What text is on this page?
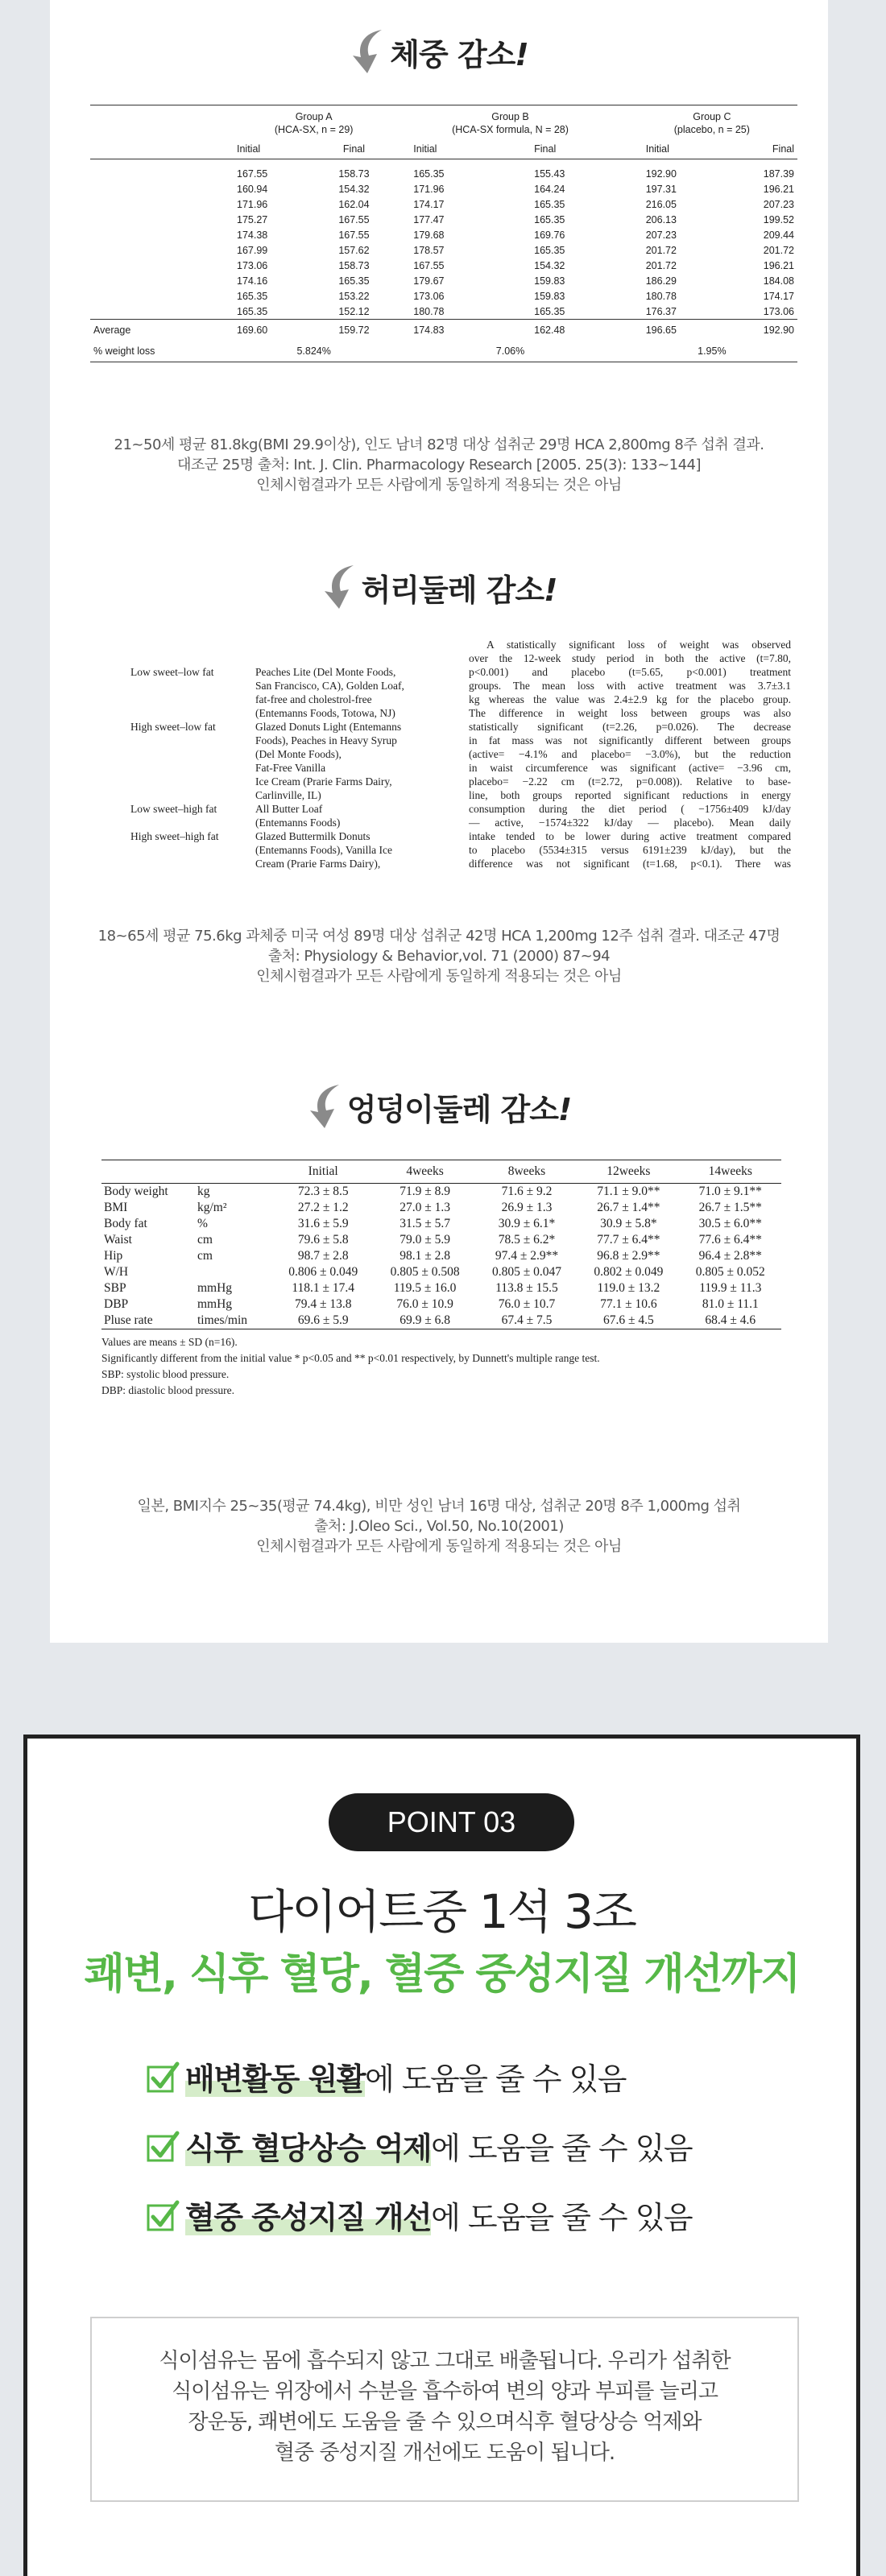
체중 감소!
	Group A
(HCA-SX, n = 29)		Group B
(HCA-SX formula, N = 28)		Group C
(placebo, n = 25)	
	Initial	Final	Initial	Final	Initial	Final
	167.55	158.73	165.35	155.43	192.90	187.39
	160.94	154.32	171.96	164.24	197.31	196.21
	171.96	162.04	174.17	165.35	216.05	207.23
	175.27	167.55	177.47	165.35	206.13	199.52
	174.38	167.55	179.68	169.76	207.23	209.44
	167.99	157.62	178.57	165.35	201.72	201.72
	173.06	158.73	167.55	154.32	201.72	196.21
	174.16	165.35	179.67	159.83	186.29	184.08
	165.35	153.22	173.06	159.83	180.78	174.17
	165.35	152.12	180.78	165.35	176.37	173.06
Average	169.60	159.72	174.83	162.48	196.65	192.90
% weight loss	5.824%		7.06%		1.95%	
21~50세 평균 81.8kg(BMI 29.9이상), 인도 남녀 82명 대상 섭취군 29명 HCA 2,800mg 8주 섭취 결과.
대조군 25명 출처: Int. J. Clin. Pharmacology Research [2005. 25(3): 133~144]
인체시험결과가 모든 사람에게 동일하게 적용되는 것은 아님
허리둘레 감소!
Low sweet–low fat	Peaches Lite (Del Monte Foods,
San Francisco, CA), Golden Loaf,
fat-free and cholestrol-free
(Entemanns Foods, Totowa, NJ)
High sweet–low fat	Glazed Donuts Light (Entemanns
Foods), Peaches in Heavy Syrup
(Del Monte Foods),
Fat-Free Vanilla
Ice Cream (Prarie Farms Dairy,
Carlinville, IL)
Low sweet–high fat	All Butter Loaf
(Entemanns Foods)
High sweet–high fat	Glazed Buttermilk Donuts
(Entemanns Foods), Vanilla Ice
Cream (Prarie Farms Dairy),
A statistically significant loss of weight was observed
over the 12-week study period in both the active (t=7.80,
p<0.001) and placebo (t=5.65, p<0.001) treatment
groups. The mean loss with active treatment was 3.7±3.1
kg whereas the value was 2.4±2.9 kg for the placebo group.
The difference in weight loss between groups was also
statistically significant (t=2.26, p=0.026). The decrease
in fat mass was not significantly different between groups
(active= −4.1% and placebo= −3.0%), but the reduction
in waist circumference was significant (active= −3.96 cm,
placebo= −2.22 cm (t=2.72, p=0.008)). Relative to base-
line, both groups reported significant reductions in energy
consumption during the diet period ( −1756±409 kJ/day
— active, −1574±322 kJ/day — placebo). Mean daily
intake tended to be lower during active treatment compared
to placebo (5534±315 versus 6191±239 kJ/day), but the
difference was not significant (t=1.68, p<0.1). There was
18~65세 평균 75.6kg 과체중 미국 여성 89명 대상 섭취군 42명 HCA 1,200mg 12주 섭취 결과. 대조군 47명
출처: Physiology & Behavior,vol. 71 (2000) 87~94
인체시험결과가 모든 사람에게 동일하게 적용되는 것은 아님
엉덩이둘레 감소!
		Initial	4weeks	8weeks	12weeks	14weeks
Body weight	kg	72.3 ± 8.5	71.9 ± 8.9	71.6 ± 9.2	71.1 ± 9.0**	71.0 ± 9.1**
BMI	kg/m²	27.2 ± 1.2	27.0 ± 1.3	26.9 ± 1.3	26.7 ± 1.4**	26.7 ± 1.5**
Body fat	%	31.6 ± 5.9	31.5 ± 5.7	30.9 ± 6.1*	30.9 ± 5.8*	30.5 ± 6.0**
Waist	cm	79.6 ± 5.8	79.0 ± 5.9	78.5 ± 6.2*	77.7 ± 6.4**	77.6 ± 6.4**
Hip	cm	98.7 ± 2.8	98.1 ± 2.8	97.4 ± 2.9**	96.8 ± 2.9**	96.4 ± 2.8**
W/H		0.806 ± 0.049	0.805 ± 0.508	0.805 ± 0.047	0.802 ± 0.049	0.805 ± 0.052
SBP	mmHg	118.1 ± 17.4	119.5 ± 16.0	113.8 ± 15.5	119.0 ± 13.2	119.9 ± 11.3
DBP	mmHg	79.4 ± 13.8	76.0 ± 10.9	76.0 ± 10.7	77.1 ± 10.6	81.0 ± 11.1
Pluse rate	times/min	69.6 ± 5.9	69.9 ± 6.8	67.4 ± 7.5	67.6 ± 4.5	68.4 ± 4.6
Values are means ± SD (n=16).
Significantly different from the initial value * p<0.05 and ** p<0.01 respectively, by Dunnett's multiple range test.
SBP: systolic blood pressure.
DBP: diastolic blood pressure.
일본, BMI지수 25~35(평균 74.4kg), 비만 성인 남녀 16명 대상, 섭취군 20명 8주 1,000mg 섭취
출처: J.Oleo Sci., Vol.50, No.10(2001)
인체시험결과가 모든 사람에게 동일하게 적용되는 것은 아님
POINT 03
다이어트중 1석 3조
쾌변, 식후 혈당, 혈중 중성지질 개선까지
배변활동 원활에 도움을 줄 수 있음
식후 혈당상승 억제에 도움을 줄 수 있음
혈중 중성지질 개선에 도움을 줄 수 있음
식이섬유는 몸에 흡수되지 않고 그대로 배출됩니다. 우리가 섭취한
식이섬유는 위장에서 수분을 흡수하여 변의 양과 부피를 늘리고
장운동, 쾌변에도 도움을 줄 수 있으며식후 혈당상승 억제와
혈중 중성지질 개선에도 도움이 됩니다.
